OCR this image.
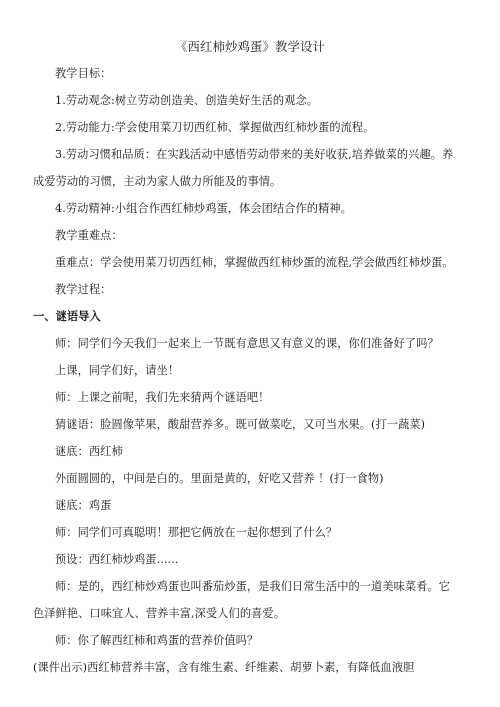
《西红柿炒鸡蛋》教学设计
教学目标：
1.劳动观念:树立劳动创造美、创造美好生活的观念。
2.劳动能力:学会使用菜刀切西红柿、掌握做西红柿炒蛋的流程。
3.劳动习惯和品质：在实践活动中感悟劳动带来的美好收获,培养做菜的兴趣。养
成爱劳动的习惯，主动为家人做力所能及的事情。
4.劳动精神:小组合作西红柿炒鸡蛋，体会团结合作的精神。
教学重难点：
重难点：学会使用菜刀切西红柿，掌握做西红柿炒蛋的流程,学会做西红柿炒蛋。
教学过程：
一、谜语导入
师：同学们今天我们一起来上一节既有意思又有意义的课，你们准备好了吗？
上课，同学们好，请坐！
师：上课之前呢，我们先来猜两个谜语吧！
猜谜语：脸圆像苹果，酸甜营养多。既可做菜吃，又可当水果。(打一蔬菜)
谜底：西红柿
外面圆圆的，中间是白的。里面是黄的，好吃又营养 ！(打一食物)
谜底：鸡蛋
师：同学们可真聪明！那把它俩放在一起你想到了什么？
预设：西红柿炒鸡蛋......
师：是的，西红柿炒鸡蛋也叫番茄炒蛋，是我们日常生活中的一道美味菜肴。它
色泽鲜艳、口味宜人、营养丰富,深受人们的喜爱。
师：你了解西红柿和鸡蛋的营养价值吗？
(课件出示)西红柿营养丰富，含有维生素、纤维素、胡萝卜素，有降低血液胆
